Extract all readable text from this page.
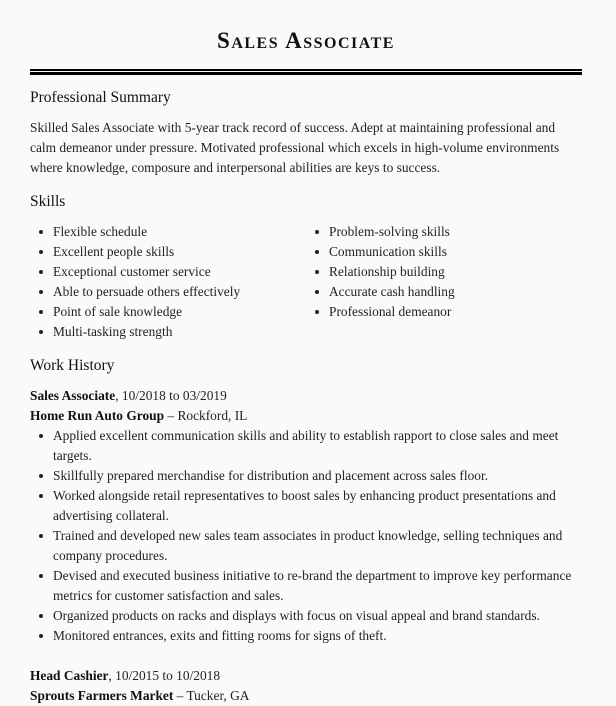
Sales Associate
Professional Summary
Skilled Sales Associate with 5-year track record of success. Adept at maintaining professional and
calm demeanor under pressure. Motivated professional which excels in high-volume environments
where knowledge, composure and interpersonal abilities are keys to success.
Skills
Flexible schedule
Excellent people skills
Exceptional customer service
Able to persuade others effectively
Point of sale knowledge
Multi-tasking strength
Problem-solving skills
Communication skills
Relationship building
Accurate cash handling
Professional demeanor
Work History
Sales Associate, 10/2018 to 03/2019
Home Run Auto Group – Rockford, IL
Applied excellent communication skills and ability to establish rapport to close sales and meet targets.
Skillfully prepared merchandise for distribution and placement across sales floor.
Worked alongside retail representatives to boost sales by enhancing product presentations and advertising collateral.
Trained and developed new sales team associates in product knowledge, selling techniques and company procedures.
Devised and executed business initiative to re-brand the department to improve key performance metrics for customer satisfaction and sales.
Organized products on racks and displays with focus on visual appeal and brand standards.
Monitored entrances, exits and fitting rooms for signs of theft.
Head Cashier, 10/2015 to 10/2018
Sprouts Farmers Market – Tucker, GA
